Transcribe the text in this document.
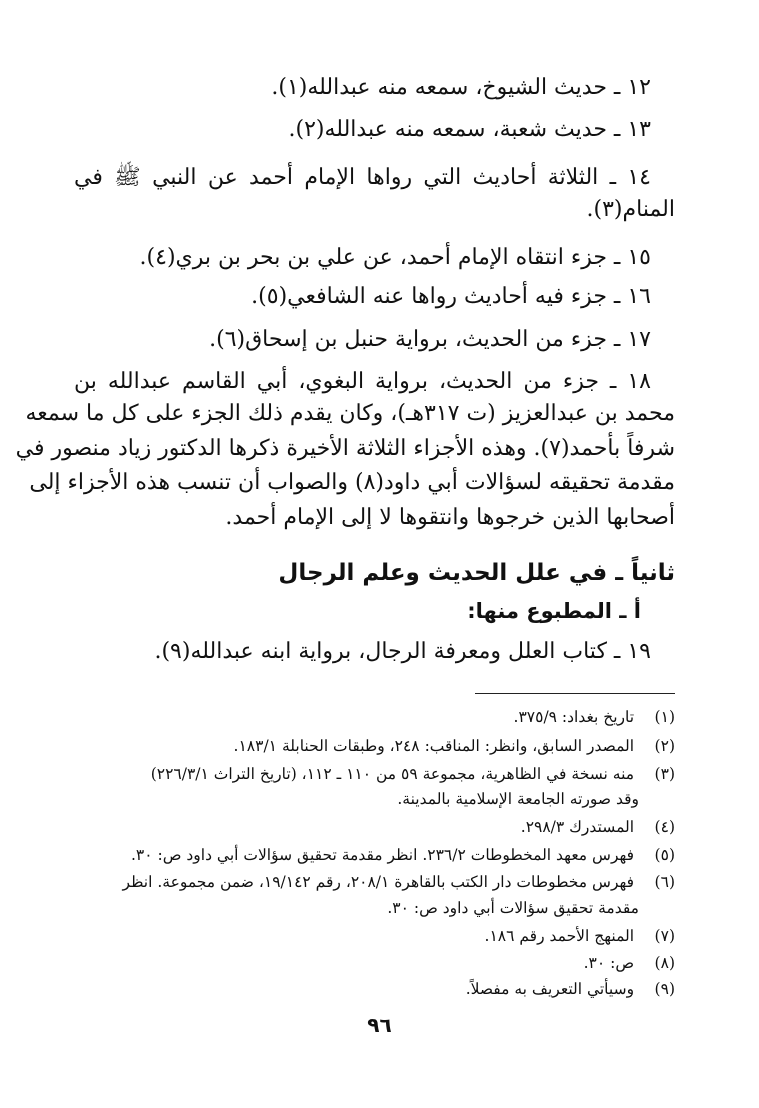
١٢ ـ حديث الشيوخ، سمعه منه عبدالله(١).
١٣ ـ حديث شعبة، سمعه منه عبدالله(٢).
١٤ ـ الثلاثة أحاديث التي رواها الإمام أحمد عن النبي ﷺ في
المنام(٣).
١٥ ـ جزء انتقاه الإمام أحمد، عن علي بن بحر بن بري(٤).
١٦ ـ جزء فيه أحاديث رواها عنه الشافعي(٥).
١٧ ـ جزء من الحديث، برواية حنبل بن إسحاق(٦).
١٨ ـ جزء من الحديث، برواية البغوي، أبي القاسم عبدالله بن
محمد بن عبدالعزيز (ت ٣١٧هـ)، وكان يقدم ذلك الجزء على كل ما سمعه
شرفاً بأحمد(٧). وهذه الأجزاء الثلاثة الأخيرة ذكرها الدكتور زياد منصور في
مقدمة تحقيقه لسؤالات أبي داود(٨) والصواب أن تنسب هذه الأجزاء إلى
أصحابها الذين خرجوها وانتقوها لا إلى الإمام أحمد.
ثانياً ـ في علل الحديث وعلم الرجال
أ ـ المطبوع منها:
١٩ ـ كتاب العلل ومعرفة الرجال، برواية ابنه عبدالله(٩).
(١) تاريخ بغداد: ٣٧٥/٩.
(٢) المصدر السابق، وانظر: المناقب: ٢٤٨، وطبقات الحنابلة ١٨٣/١.
(٣) منه نسخة في الظاهرية، مجموعة ٥٩ من ١١٠ ـ ١١٢، (تاريخ التراث ٢٢٦/٣/١)
وقد صورته الجامعة الإسلامية بالمدينة.
(٤) المستدرك ٢٩٨/٣.
(٥) فهرس معهد المخطوطات ٢٣٦/٢. انظر مقدمة تحقيق سؤالات أبي داود ص: ٣٠.
(٦) فهرس مخطوطات دار الكتب بالقاهرة ٢٠٨/١، رقم ١٩/١٤٢، ضمن مجموعة. انظر
مقدمة تحقيق سؤالات أبي داود ص: ٣٠.
(٧) المنهج الأحمد رقم ١٨٦.
(٨) ص: ٣٠.
(٩) وسيأتي التعريف به مفصلاً.
٩٦
